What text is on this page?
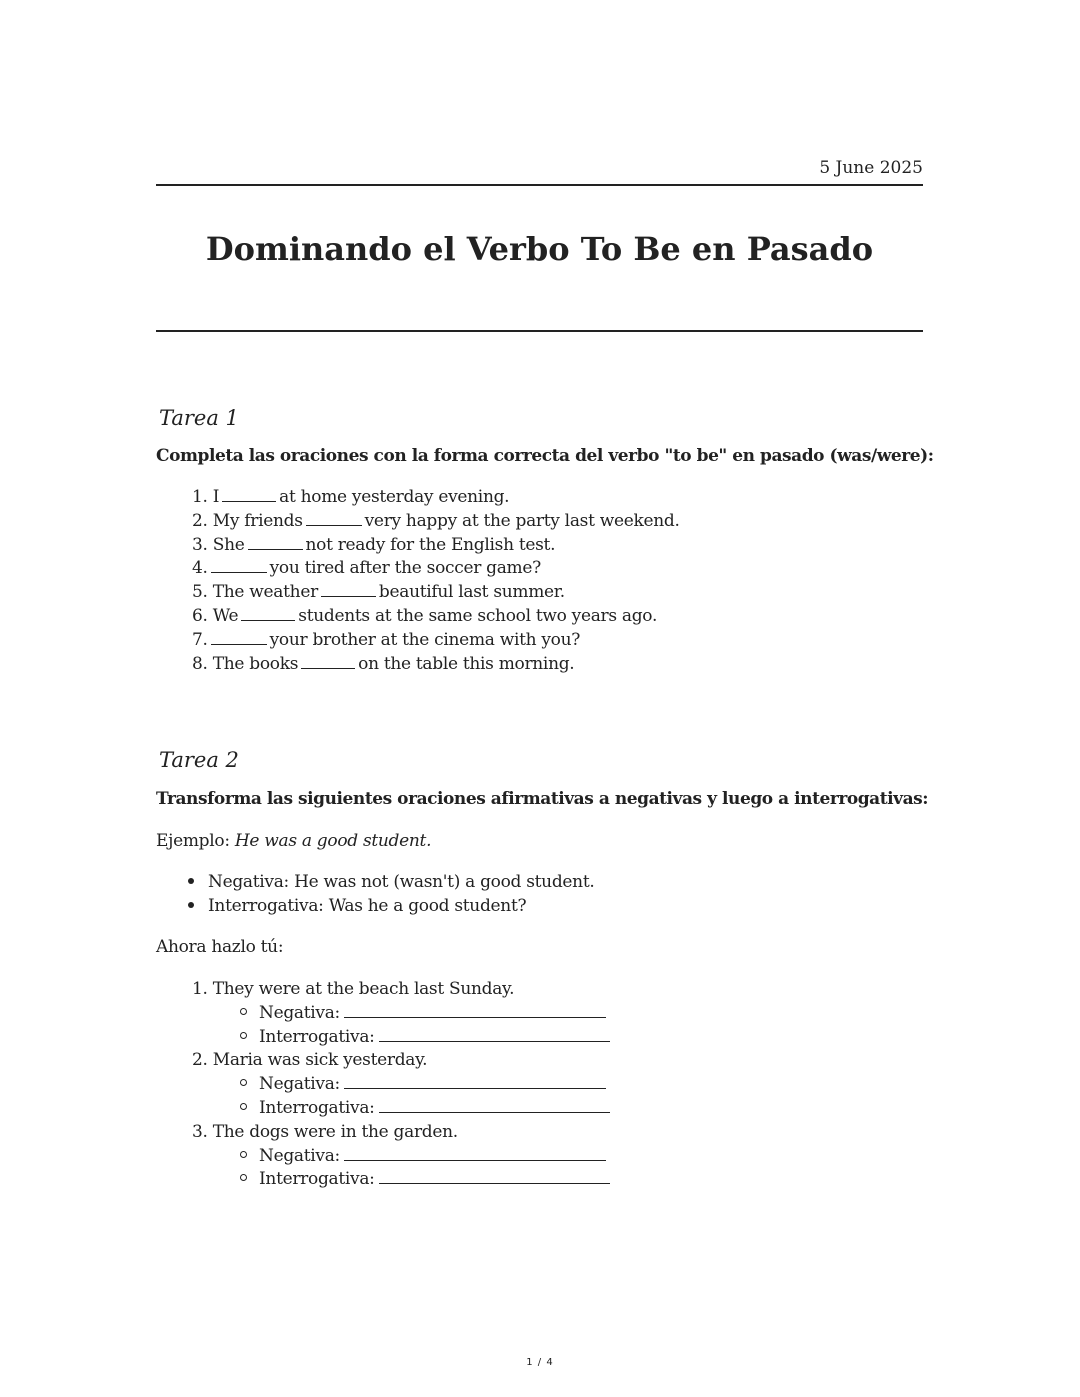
5 June 2025
Dominando el Verbo To Be en Pasado
Tarea 1
Completa las oraciones con la forma correcta del verbo "to be" en pasado (was/were):
1. I	at home yesterday evening.
2. My friends	very happy at the party last weekend.
3. She	not ready for the English test.
4.	you tired after the soccer game?
5. The weather	beautiful last summer.
6. We	students at the same school two years ago.
7.	your brother at the cinema with you?
8. The books	on the table this morning.
Tarea 2
Transforma las siguientes oraciones afirmativas a negativas y luego a interrogativas:
Ejemplo: He was a good student.
Negativa: He was not (wasn't) a good student.
Interrogativa: Was he a good student?
Ahora hazlo tú:
1. They were at the beach last Sunday.
Negativa:
Interrogativa:
2. Maria was sick yesterday.
Negativa:
Interrogativa:
3. The dogs were in the garden.
Negativa:
Interrogativa:
1 / 4
